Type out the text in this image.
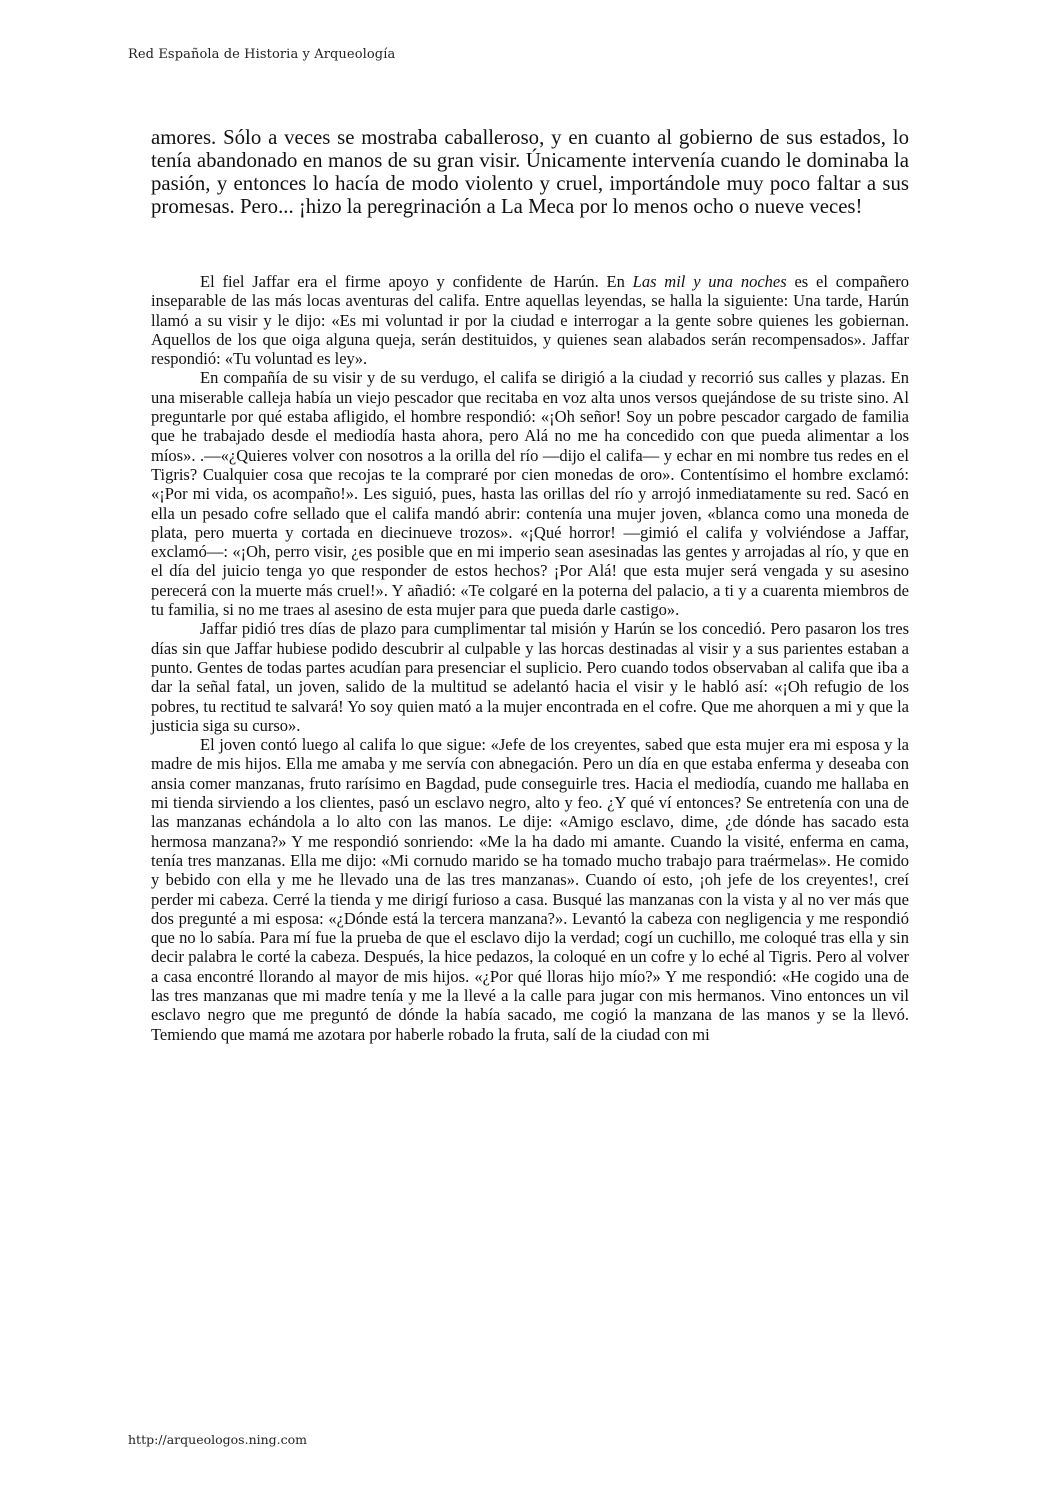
Red Española de Historia y Arqueología

amores. Sólo a veces se mostraba caballeroso, y en cuanto al gobierno de sus estados, lo tenía abandonado en manos de su gran visir. Únicamente intervenía cuando le dominaba la pasión, y entonces lo hacía de modo violento y cruel, importándole muy poco faltar a sus promesas. Pero... ¡hizo la peregrinación a La Meca por lo menos ocho o nueve veces!

El fiel Jaffar era el firme apoyo y confidente de Harún. En Las mil y una noches es el compañero inseparable de las más locas aventuras del califa. Entre aquellas leyendas, se halla la siguiente: Una tarde, Harún llamó a su visir y le dijo: «Es mi voluntad ir por la ciudad e interrogar a la gente sobre quienes les gobiernan. Aquellos de los que oiga alguna queja, serán destituidos, y quienes sean alabados serán recompensados». Jaffar respondió: «Tu voluntad es ley».

En compañía de su visir y de su verdugo, el califa se dirigió a la ciudad y recorrió sus calles y plazas. En una miserable calleja había un viejo pescador que recitaba en voz alta unos versos quejándose de su triste sino. Al preguntarle por qué estaba afligido, el hombre respondió: «¡Oh señor! Soy un pobre pescador cargado de familia que he trabajado desde el mediodía hasta ahora, pero Alá no me ha concedido con que pueda alimentar a los míos». .—«¿Quieres volver con nosotros a la orilla del río —dijo el califa— y echar en mi nombre tus redes en el Tigris? Cualquier cosa que recojas te la compraré por cien monedas de oro». Contentísimo el hombre exclamó: «¡Por mi vida, os acompaño!». Les siguió, pues, hasta las orillas del río y arrojó inmediatamente su red. Sacó en ella un pesado cofre sellado que el califa mandó abrir: contenía una mujer joven, «blanca como una moneda de plata, pero muerta y cortada en diecinueve trozos». «¡Qué horror! —gimió el califa y volviéndose a Jaffar, exclamó—: «¡Oh, perro visir, ¿es posible que en mi imperio sean asesinadas las gentes y arrojadas al río, y que en el día del juicio tenga yo que responder de estos hechos? ¡Por Alá! que esta mujer será vengada y su asesino perecerá con la muerte más cruel!». Y añadió: «Te colgaré en la poterna del palacio, a ti y a cuarenta miembros de tu familia, si no me traes al asesino de esta mujer para que pueda darle castigo».

Jaffar pidió tres días de plazo para cumplimentar tal misión y Harún se los concedió. Pero pasaron los tres días sin que Jaffar hubiese podido descubrir al culpable y las horcas destinadas al visir y a sus parientes estaban a punto. Gentes de todas partes acudían para presenciar el suplicio. Pero cuando todos observaban al califa que iba a dar la señal fatal, un joven, salido de la multitud se adelantó hacia el visir y le habló así: «¡Oh refugio de los pobres, tu rectitud te salvará! Yo soy quien mató a la mujer encontrada en el cofre. Que me ahorquen a mi y que la justicia siga su curso».

El joven contó luego al califa lo que sigue: «Jefe de los creyentes, sabed que esta mujer era mi esposa y la madre de mis hijos. Ella me amaba y me servía con abnegación. Pero un día en que estaba enferma y deseaba con ansia comer manzanas, fruto rarísimo en Bagdad, pude conseguirle tres. Hacia el mediodía, cuando me hallaba en mi tienda sirviendo a los clientes, pasó un esclavo negro, alto y feo. ¿Y qué ví entonces? Se entretenía con una de las manzanas echándola a lo alto con las manos. Le dije: «Amigo esclavo, dime, ¿de dónde has sacado esta hermosa manzana?» Y me respondió sonriendo: «Me la ha dado mi amante. Cuando la visité, enferma en cama, tenía tres manzanas. Ella me dijo: «Mi cornudo marido se ha tomado mucho trabajo para traérmelas». He comido y bebido con ella y me he llevado una de las tres manzanas». Cuando oí esto, ¡oh jefe de los creyentes!, creí perder mi cabeza. Cerré la tienda y me dirigí furioso a casa. Busqué las manzanas con la vista y al no ver más que dos pregunté a mi esposa: «¿Dónde está la tercera manzana?». Levantó la cabeza con negligencia y me respondió que no lo sabía. Para mí fue la prueba de que el esclavo dijo la verdad; cogí un cuchillo, me coloqué tras ella y sin decir palabra le corté la cabeza. Después, la hice pedazos, la coloqué en un cofre y lo eché al Tigris. Pero al volver a casa encontré llorando al mayor de mis hijos. «¿Por qué lloras hijo mío?» Y me respondió: «He cogido una de las tres manzanas que mi madre tenía y me la llevé a la calle para jugar con mis hermanos. Vino entonces un vil esclavo negro que me preguntó de dónde la había sacado, me cogió la manzana de las manos y se la llevó. Temiendo que mamá me azotara por haberle robado la fruta, salí de la ciudad con mi

http://arqueologos.ning.com
